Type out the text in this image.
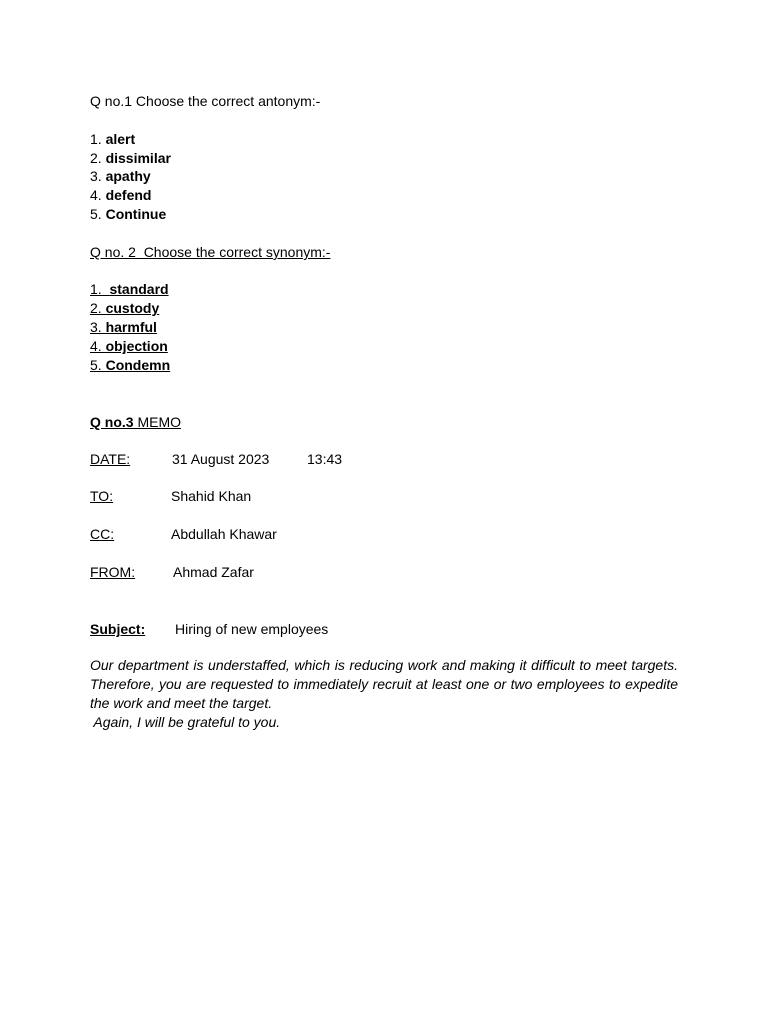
Q no.1 Choose the correct antonym:-
1. alert
2. dissimilar
3. apathy
4. defend
5. Continue
Q no. 2  Choose the correct synonym:-
1.  standard
2. custody
3. harmful
4. objection
5. Condemn
Q no.3 MEMO
DATE:	31 August 2023	13:43
TO:	Shahid Khan
CC:	Abdullah Khawar
FROM:	Ahmad Zafar
Subject: Hiring of new employees

Our department is understaffed, which is reducing work and making it difficult to meet targets. Therefore, you are requested to immediately recruit at least one or two employees to expedite the work and meet the target.

Again, I will be grateful to you.
